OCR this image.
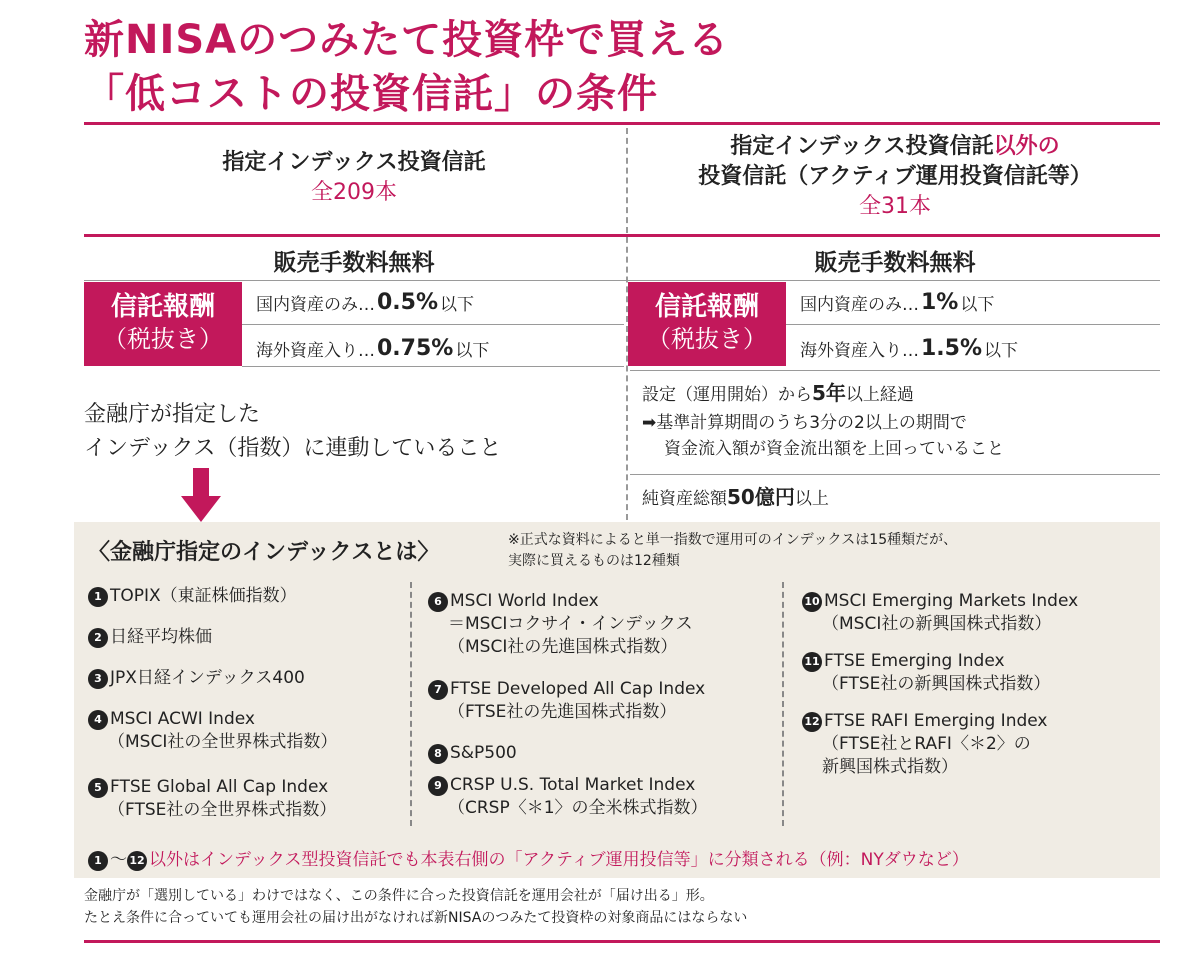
新NISAのつみたて投資枠で買える
「低コストの投資信託」の条件
指定インデックス投資信託
全209本
指定インデックス投資信託以外の
投資信託（アクティブ運用投資信託等）
全31本
販売手数料無料	販売手数料無料
信託報酬
（税抜き）
国内資産のみ… 0.5% 以下
海外資産入り… 0.75% 以下
信託報酬
（税抜き）
国内資産のみ… 1% 以下
海外資産入り… 1.5% 以下
金融庁が指定した
インデックス（指数）に連動していること
設定（運用開始）から5年以上経過
➡基準計算期間のうち3分の2以上の期間で
資金流入額が資金流出額を上回っていること
純資産総額50億円以上
〈金融庁指定のインデックスとは〉	※正式な資料によると単一指数で運用可のインデックスは15種類だが、
実際に買えるものは12種類
1 TOPIX（東証株価指数）
2 日経平均株価
3 JPX日経インデックス400
4 MSCI ACWI Index
（MSCI社の全世界株式指数）
5 FTSE Global All Cap Index
（FTSE社の全世界株式指数）
6 MSCI World Index
＝MSCIコクサイ・インデックス
（MSCI社の先進国株式指数）
7 FTSE Developed All Cap Index
（FTSE社の先進国株式指数）
8 S&P500
9 CRSP U.S. Total Market Index
（CRSP〈＊1〉の全米株式指数）
10 MSCI Emerging Markets Index
（MSCI社の新興国株式指数）
11 FTSE Emerging Index
（FTSE社の新興国株式指数）
12 FTSE RAFI Emerging Index
（FTSE社とRAFI〈＊2〉の
新興国株式指数）
1 〜 12 以外はインデックス型投資信託でも本表右側の「アクティブ運用投信等」に分類される（例：NYダウなど）
金融庁が「選別している」わけではなく、この条件に合った投資信託を運用会社が「届け出る」形。
たとえ条件に合っていても運用会社の届け出がなければ新NISAのつみたて投資枠の対象商品にはならない
